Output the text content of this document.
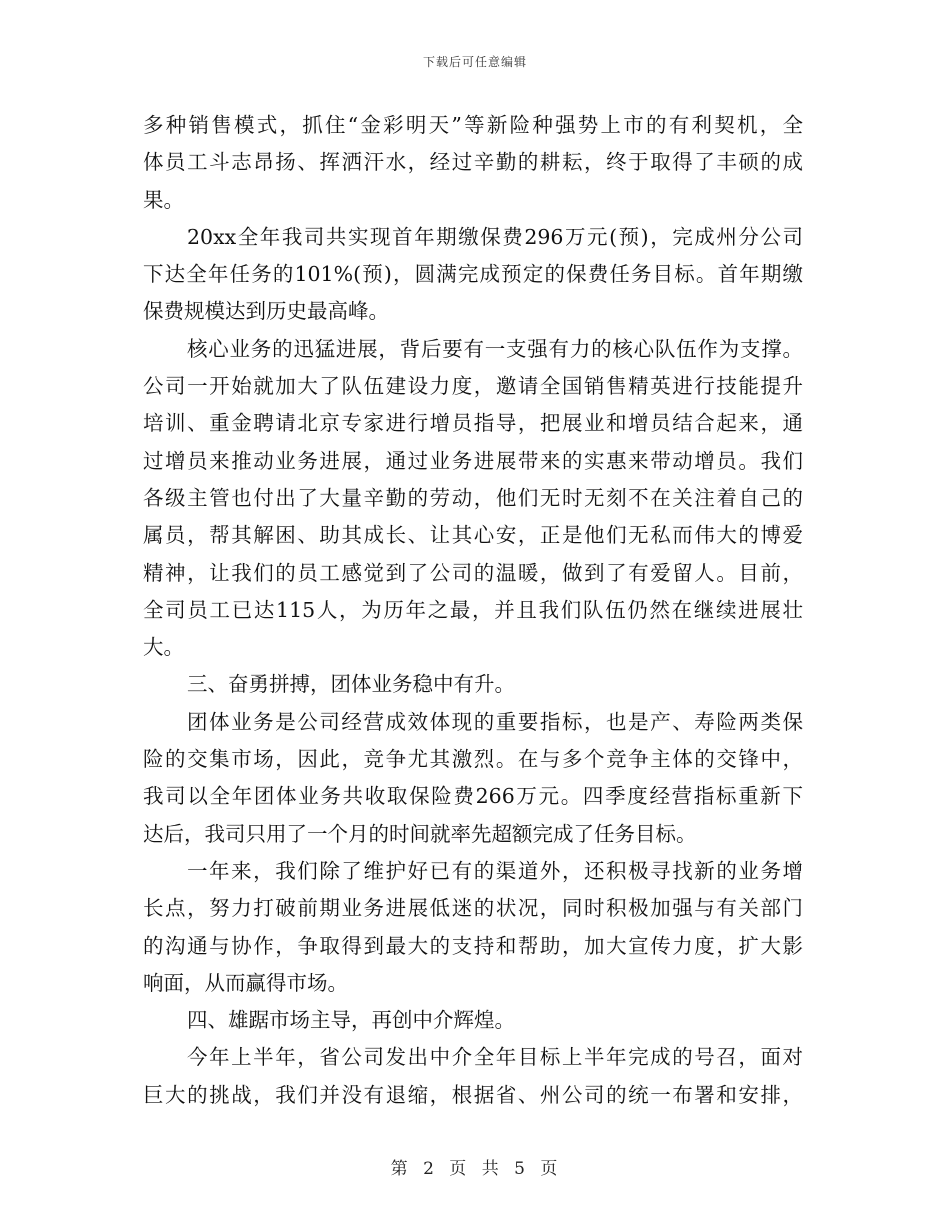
下载后可任意编辑
多种销售模式，抓住“金彩明天”等新险种强势上市的有利契机，全
体员工斗志昂扬、挥洒汗水，经过辛勤的耕耘，终于取得了丰硕的成
果。
20xx全年我司共实现首年期缴保费296万元(预)，完成州分公司
下达全年任务的101%(预)，圆满完成预定的保费任务目标。首年期缴
保费规模达到历史最高峰。
核心业务的迅猛进展，背后要有一支强有力的核心队伍作为支撑。
公司一开始就加大了队伍建设力度，邀请全国销售精英进行技能提升
培训、重金聘请北京专家进行增员指导，把展业和增员结合起来，通
过增员来推动业务进展，通过业务进展带来的实惠来带动增员。我们
各级主管也付出了大量辛勤的劳动，他们无时无刻不在关注着自己的
属员，帮其解困、助其成长、让其心安，正是他们无私而伟大的博爱
精神，让我们的员工感觉到了公司的温暖，做到了有爱留人。目前，
全司员工已达115人，为历年之最，并且我们队伍仍然在继续进展壮
大。
三、奋勇拼搏，团体业务稳中有升。
团体业务是公司经营成效体现的重要指标，也是产、寿险两类保
险的交集市场，因此，竞争尤其激烈。在与多个竞争主体的交锋中，
我司以全年团体业务共收取保险费266万元。四季度经营指标重新下
达后，我司只用了一个月的时间就率先超额完成了任务目标。
一年来，我们除了维护好已有的渠道外，还积极寻找新的业务增
长点，努力打破前期业务进展低迷的状况，同时积极加强与有关部门
的沟通与协作，争取得到最大的支持和帮助，加大宣传力度，扩大影
响面，从而赢得市场。
四、雄踞市场主导，再创中介辉煌。
今年上半年，省公司发出中介全年目标上半年完成的号召，面对
巨大的挑战，我们并没有退缩，根据省、州公司的统一布署和安排，
第 2 页 共 5 页
